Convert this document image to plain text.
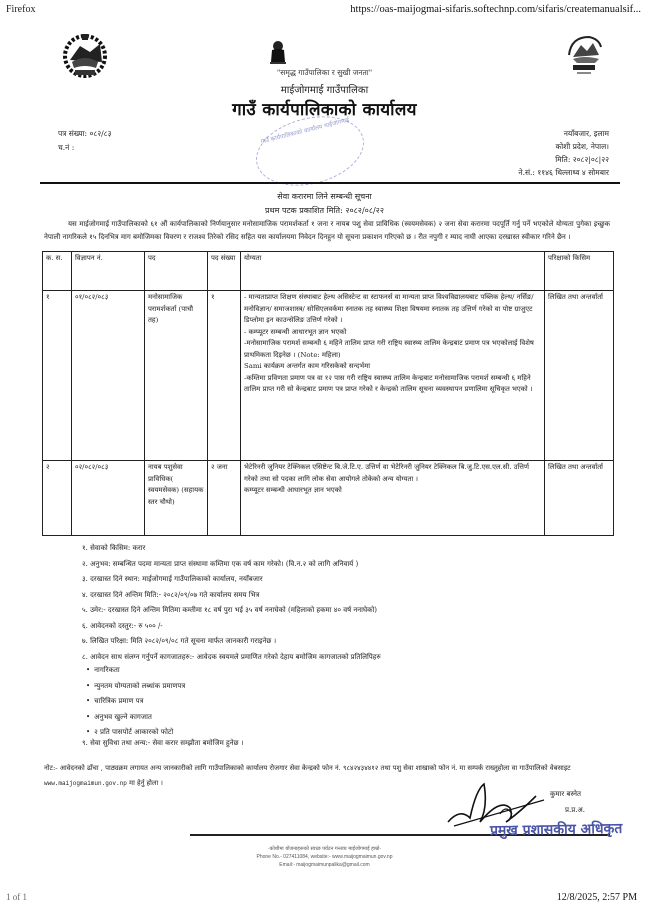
Firefox	https://oas-maijogmai-sifaris.softechnp.com/sifaris/createmanualsif...
"समृद्ध गाउँपालिका र सुखी जनता"
माईजोगमाई गाउँपालिका
गाउँ कार्यपालिकाको कार्यालय
पत्र संख्या: ०८२/८३
च.नं :
गाउँ कार्यपालिकाको कार्यालय माईजोगमाई	नयाँबजार, इलाम
कोशी प्रदेश, नेपाल।
मिति: २०८२|०८|२२
ने.सं.: ११४६ थिल्लाथ्व ४ सोमबार
सेवा करारमा लिने सम्बन्धी सूचना
प्रथम पटक प्रकाशित मिति: २०८२/०८/२२
यस माईजोगमाई गाउँपालिकाको ६१ औं कार्यपालिकाको निर्णयानुसार मनोसामाजिक परामर्शकर्ता १ जना र नायब पशु सेवा प्राविधिक (स्वयमसेवक) २ जना सेवा करारमा पदपूर्ति गर्नु पर्ने भएकोले योग्यता पुगेका इच्छुक नेपाली नागरिकले १५ दिनभित्र माग बमोजिमका विवरण र राजश्व तिरेको रसिद सहित यस कार्यालयमा निवेदन दिनहुन यो सूचना प्रकाशन गरिएको छ । रीत नपुगी र म्याद नाघी आएका दरखास्त स्वीकार गरिने छैन ।
क. स.	विज्ञापन नं.	पद	पद संख्या	योग्यता	परिक्षाको किसिम
१	०१/०८२/०८३	मनोसामाजिक परामर्शकर्ता (पाचौ तह)	१	- मान्यताप्राप्त शिक्षण संस्थाबाट हेल्थ असिस्टेन्ट वा स्टाफनर्स वा मान्यता प्राप्त विश्वविद्यालयबाट पब्लिक हेल्थ/ नर्सिङ/ मनोविज्ञान/ समाजशास्त्र/ सोसिएलवर्कमा स्नातक तह स्वास्थ्य शिक्षा विषयमा स्नातक तह उत्तिर्ण गरेको वा पोष्ट ग्राजुएट डिप्लोमा इन काउन्सेलिङ उत्तिर्ण गरेको ।
- कम्प्यूटर सम्बन्धी आधारभूत ज्ञान भएको
-मनोसामाजिक परामर्श सम्बन्धी ६ महिने तालिम प्राप्त गरी राष्ट्रिय स्वास्थ्य तालिम केन्द्रबाट प्रमाण पत्र भएकोलाई विशेष प्राथमिकता दिइनेछ । (Note: महिला)
Sami कार्यक्रम अन्तर्गत काम गरिसकेको सन्दर्भमा
-कम्तिमा प्रविणता प्रमाण पत्र वा १२ पास गरी राष्ट्रिय स्वास्थ्य तालिम केन्द्रबाट मनोसामाजिक परामर्श सम्बन्धी ६ महिने तालिम प्राप्त गरी सो केन्द्रबाट प्रमाण पत्र प्राप्त गरेको र केन्द्रको तालिम सूचना व्यवस्थापन प्रणालिमा सूचिकृत भएको ।	लिखित तथा अन्तर्वार्ता
२	०२/०८२/०८३	नायब पशुसेवा प्राविधिक( स्वयमसेवक) (सहायक स्तर चौथो)	२ जना	भेटेरिनरी जुनियर टेक्निकल एसिष्टेन्ट बि.जे.टि.ए. उत्तिर्ण वा भेटेरिनरी जुनियर टेक्निकल बि.जु.टि.एस.एल.सी. उत्तिर्ण गरेको तथा सो पदका लागि लोक सेवा आयोगले तोकेको अन्य योग्यता ।
कम्प्यूटर सम्बन्धी आधारभूत ज्ञान भएको	लिखित तथा अन्तर्वार्ता
१. सेवाको किसिम: करार
२. अनुभव: सम्बन्धित पदमा मान्यता प्राप्त संस्थामा कम्तिमा एक वर्ष काम गरेको। (वि.न.२ को लागि अनिवार्य )
३. दरखास्त दिने स्थान: माईजोगमाई गाउँपालिकाको कार्यालय, नयाँबजार
४. दरखास्त दिने अन्तिम मिति:- २०८२/०९/०७ गते कार्यालय समय भित्र
५. उमेर:- दरखास्त दिने अन्तिम मितिमा कम्तीमा १८ वर्ष पुरा भई ३५ वर्ष ननाघेको (महिलाको हकमा ४० वर्ष ननाघेको)
६. आवेदनको दस्तुर:- रु ५०० /-
७. लिखित परिक्षा: मिति २०८२/०९/०८ गते सूचना मार्फत जानकारी गराइनेछ ।
८. आवेदन साथ संलग्न गर्नुपर्ने कागजातहरु:- आवेदक स्वयमले प्रमाणित गरेको देहाय बमोजिम कागजातको प्रतिलिपिहरु
• नागरिकता
• न्युनतम योग्यताको लब्धांक प्रमाणपत्र
• चारित्रिक प्रमाण पत्र
• अनुभव खुल्ने कागजात
• २ प्रति पासपोर्ट आकारको फोटो
९. सेवा सुविधा तथा अन्य:- सेवा करार सम्झौता बमोजिम हुनेछ ।
नोट:- आवेदनको ढाँचा , पाठ्यक्रम लगायत अन्य जानकारीको लागि गाउँपालिकाको कार्यालय रोजगार सेवा केन्द्रको फोन नं. ९८४२४३४४१२ तथा पशु सेवा शाखाको फोन नं. मा सम्पर्क राख्नुहोला वा गाउँपालिको वेबसाइट www.maijogmaimun.gov.np मा हेर्नु होला ।
कुमार बस्नेत
प्र.प्र.अ.
प्रमुख प्रशासकीय अधिकृत
-कोशीमा योजनाहरूको स्वच्छ पर्यटन गन्तव्य माईजोगमाई हाम्रो-
Phone No.- 027411084, website:- www.maijogmaimun.gov.np
Email:- maijogmaimunpalika@gmail.com
1 of 1	12/8/2025, 2:57 PM
